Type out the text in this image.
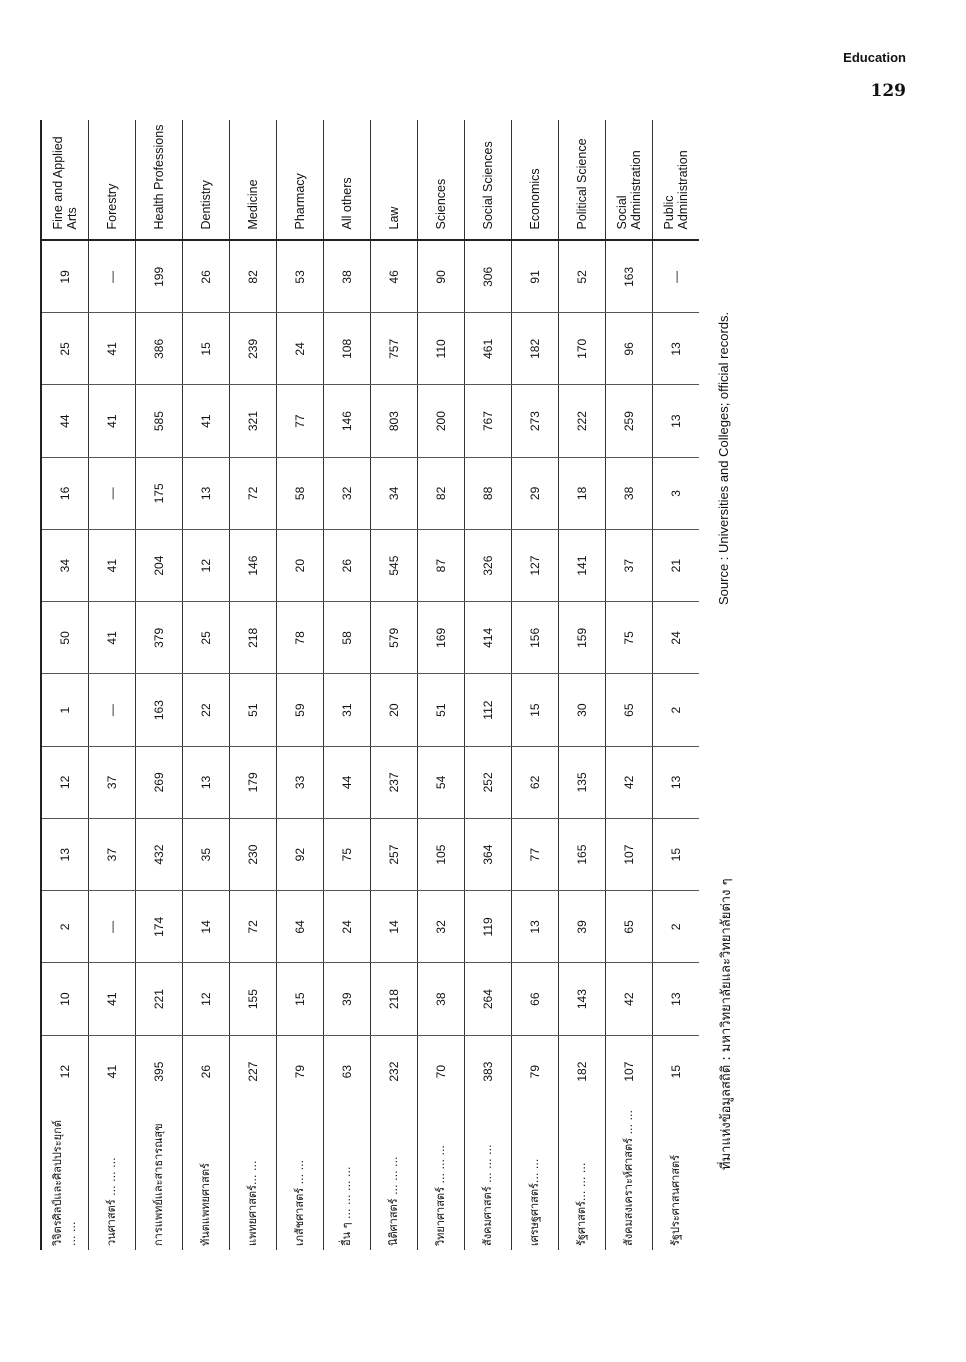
Education
129
วิจิตรศิลป์และศิลปประยุกต์ ... ...	12	10	2	13	12	1	50	34	16	44	25	19	Fine and Applied Arts
วนศาสตร์ ... ... ...	41	41	—	37	37	—	41	41	—	41	41	—	Forestry
การแพทย์และสาธารณสุข	395	221	174	432	269	163	379	204	175	585	386	199	Health Professions
ทันตแพทยศาสตร์	26	12	14	35	13	22	25	12	13	41	15	26	Dentistry
แพทยศาสตร์... ...	227	155	72	230	179	51	218	146	72	321	239	82	Medicine
เภสัชศาสตร์ ... ...	79	15	64	92	33	59	78	20	58	77	24	53	Pharmacy
อื่น ๆ ... ... ... ...	63	39	24	75	44	31	58	26	32	146	108	38	All others
นิติศาสตร์ ... ... ...	232	218	14	257	237	20	579	545	34	803	757	46	Law
วิทยาศาสตร์ ... ... ...	70	38	32	105	54	51	169	87	82	200	110	90	Sciences
สังคมศาสตร์ ... ... ...	383	264	119	364	252	112	414	326	88	767	461	306	Social Sciences
เศรษฐศาสตร์... ...	79	66	13	77	62	15	156	127	29	273	182	91	Economics
รัฐศาสตร์... ... ...	182	143	39	165	135	30	159	141	18	222	170	52	Political Science
สังคมสงเคราะห์ศาสตร์ ... ...	107	42	65	107	42	65	75	37	38	259	96	163	Social Administration
รัฐประศาสนศาสตร์	15	13	2	15	13	2	24	21	3	13	13	—	Public Administration
ที่มาแห่งข้อมูลสถิติ : มหาวิทยาลัยและวิทยาลัยต่าง ๆ
Source : Universities and Colleges; official records.
